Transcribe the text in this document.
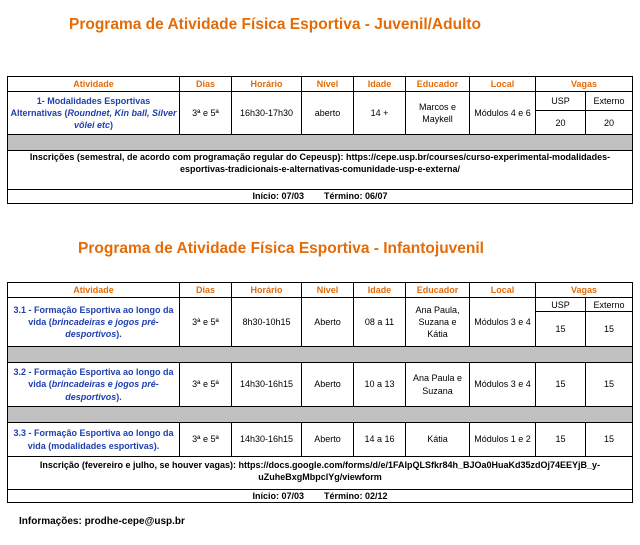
Programa de Atividade Física Esportiva - Juvenil/Adulto
Atividade	Dias	Horário	Nível	Idade	Educador	Local	Vagas	
1- Modalidades Esportivas Alternativas (Roundnet, Kin ball, Silver vôlei etc)	3ª e 5ª	16h30-17h30	aberto	14 +	Marcos e Maykell	Módulos 4 e 6	USP	Externo
							20	20

Inscrições (semestral, de acordo com programação regular do Cepeusp): https://cepe.usp.br/courses/curso-experimental-modalidades-esportivas-tradicionais-e-alternativas-comunidade-usp-e-externa/								
Início: 07/03 Término: 06/07								
Programa de Atividade Física Esportiva - Infantojuvenil
Atividade	Dias	Horário	Nível	Idade	Educador	Local	Vagas	
3.1 - Formação Esportiva ao longo da vida (brincadeiras e jogos pré-desportivos).	3ª e 5ª	8h30-10h15	Aberto	08 a 11	Ana Paula, Suzana e Kátia	Módulos 3 e 4	USP	Externo
							15	15

3.2 - Formação Esportiva ao longo da vida (brincadeiras e jogos pré-desportivos).	3ª e 5ª	14h30-16h15	Aberto	10 a 13	Ana Paula e Suzana	Módulos 3 e 4	15	15

3.3 - Formação Esportiva ao longo da vida (modalidades esportivas).	3ª e 5ª	14h30-16h15	Aberto	14 a 16	Kátia	Módulos 1 e 2	15	15
Inscrição (fevereiro e julho, se houver vagas): https://docs.google.com/forms/d/e/1FAIpQLSfkr84h_BJOa0HuaKd35zdOj74EEYjB_y-uZuheBxgMbpclYg/viewform								
Início: 07/03 Término: 02/12								
Informações: prodhe-cepe@usp.br
